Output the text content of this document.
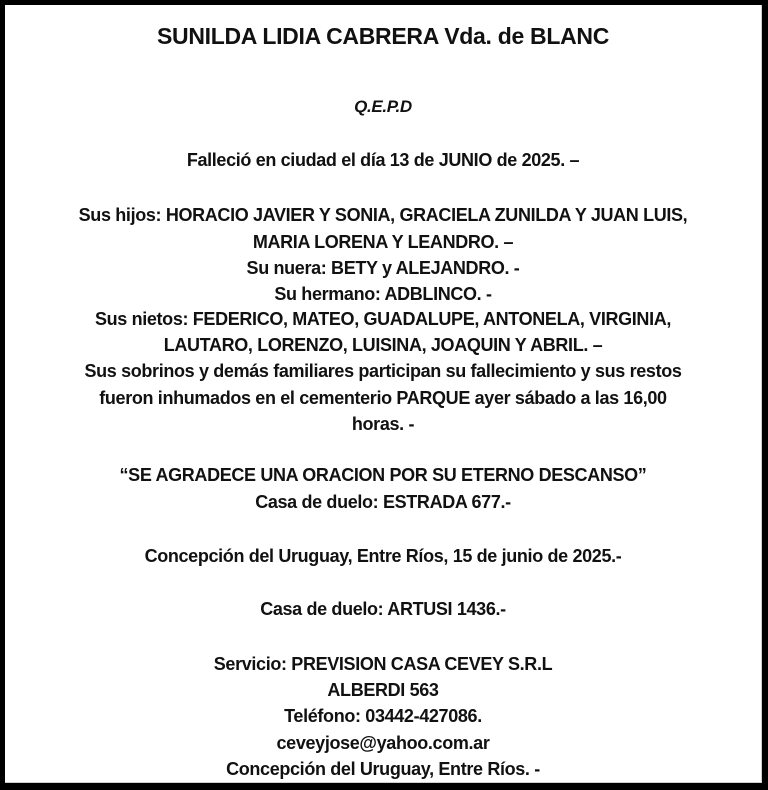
SUNILDA LIDIA CABRERA Vda. de BLANC
Q.E.P.D
Falleció en ciudad el día 13 de JUNIO de 2025. –
Sus hijos: HORACIO JAVIER Y SONIA, GRACIELA ZUNILDA Y JUAN LUIS,
MARIA LORENA Y LEANDRO. –
Su nuera: BETY y ALEJANDRO. -
Su hermano: ADBLINCO. -
Sus nietos: FEDERICO, MATEO, GUADALUPE, ANTONELA, VIRGINIA,
LAUTARO, LORENZO, LUISINA, JOAQUIN Y ABRIL. –
Sus sobrinos y demás familiares participan su fallecimiento y sus restos
fueron inhumados en el cementerio PARQUE ayer sábado a las 16,00
horas. -
“SE AGRADECE UNA ORACION POR SU ETERNO DESCANSO”
Casa de duelo: ESTRADA 677.-
Concepción del Uruguay, Entre Ríos, 15 de junio de 2025.-
Casa de duelo: ARTUSI 1436.-
Servicio: PREVISION CASA CEVEY S.R.L
ALBERDI 563
Teléfono: 03442-427086.
ceveyjose@yahoo.com.ar
Concepción del Uruguay, Entre Ríos. -
